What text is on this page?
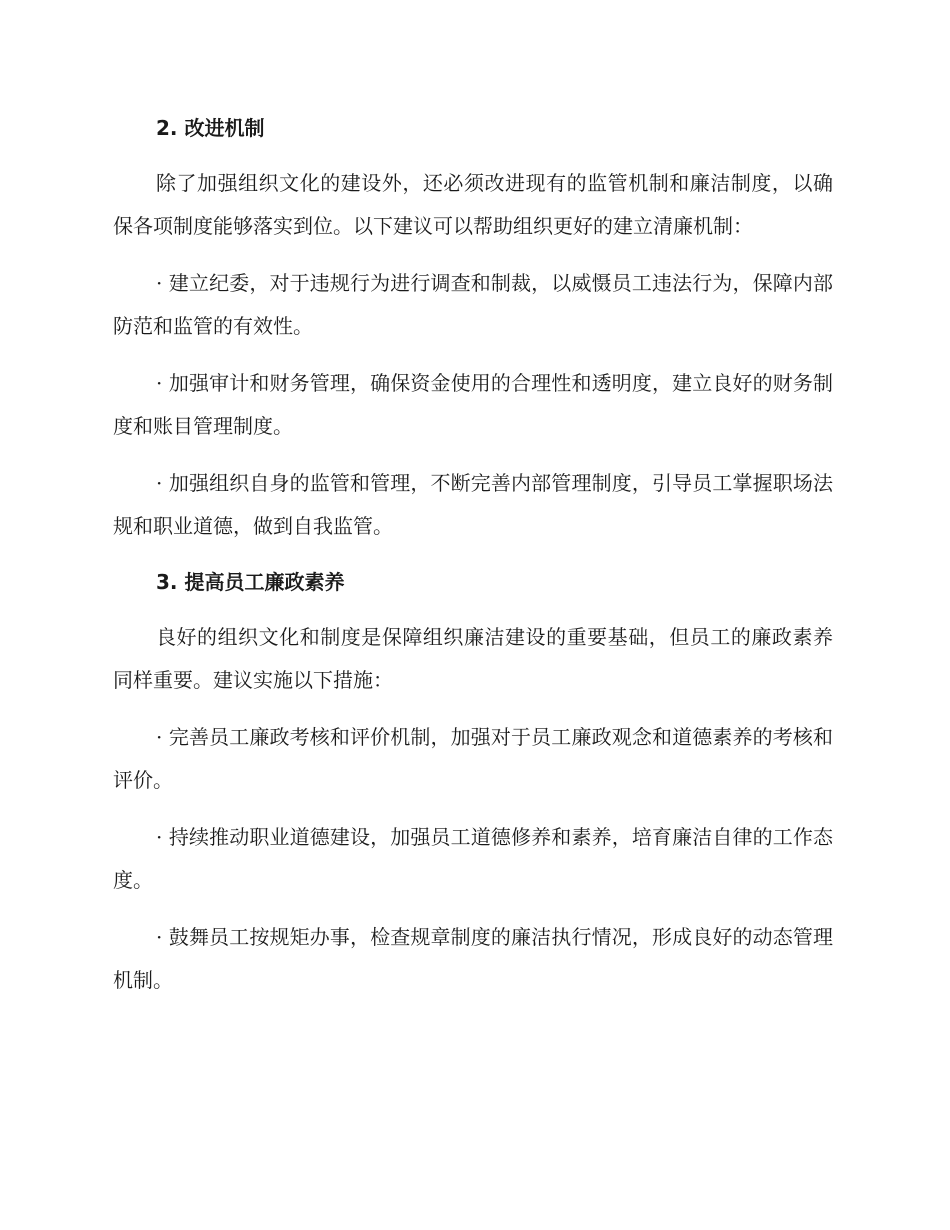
2. 改进机制

除了加强组织文化的建设外，还必须改进现有的监管机制和廉洁制度，以确保各项制度能够落实到位。以下建议可以帮助组织更好的建立清廉机制：

· 建立纪委，对于违规行为进行调查和制裁，以威慑员工违法行为，保障内部防范和监管的有效性。

· 加强审计和财务管理，确保资金使用的合理性和透明度，建立良好的财务制度和账目管理制度。

· 加强组织自身的监管和管理，不断完善内部管理制度，引导员工掌握职场法规和职业道德，做到自我监管。

3. 提高员工廉政素养

良好的组织文化和制度是保障组织廉洁建设的重要基础，但员工的廉政素养同样重要。建议实施以下措施：

· 完善员工廉政考核和评价机制，加强对于员工廉政观念和道德素养的考核和评价。

· 持续推动职业道德建设，加强员工道德修养和素养，培育廉洁自律的工作态度。

· 鼓舞员工按规矩办事，检查规章制度的廉洁执行情况，形成良好的动态管理机制。
